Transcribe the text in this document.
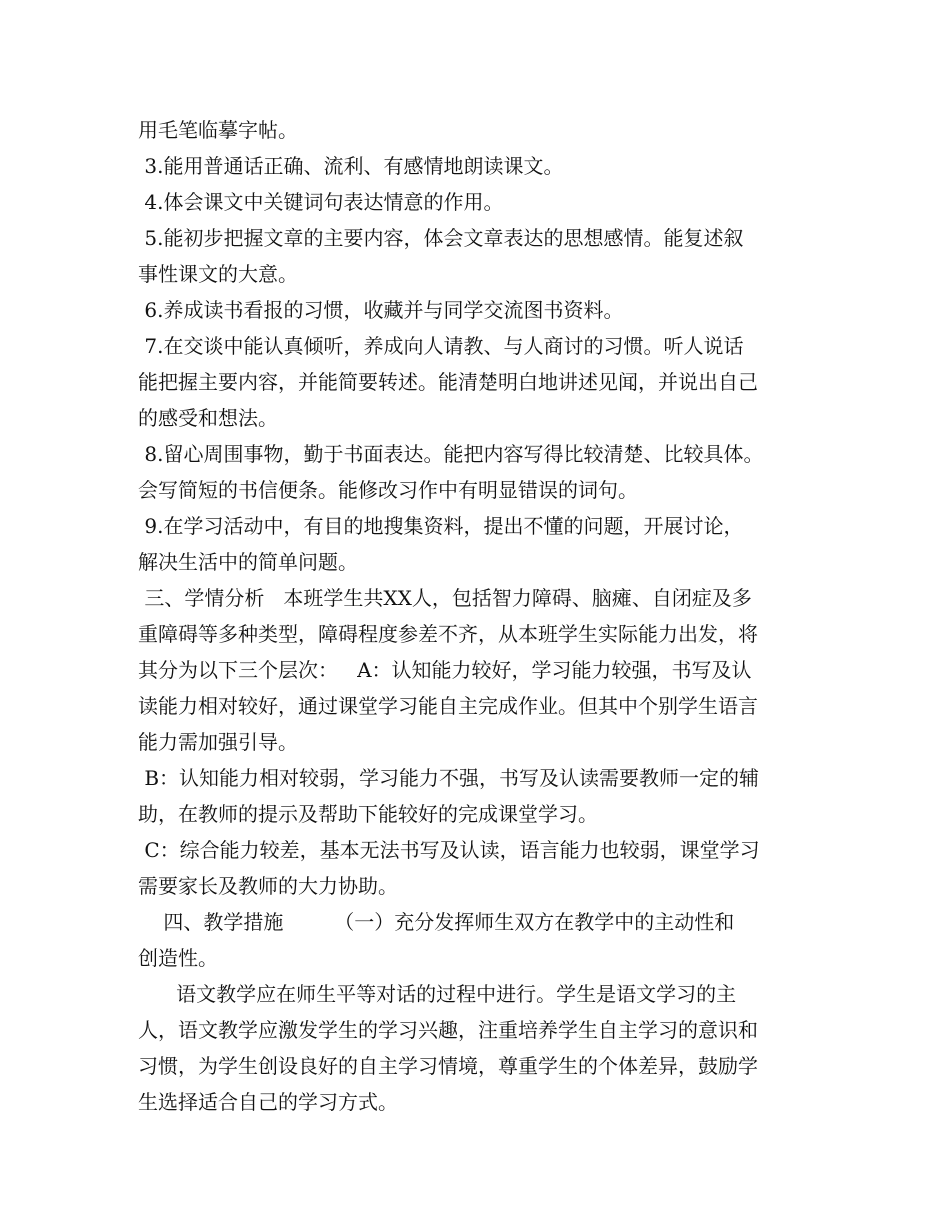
用毛笔临摹字帖。
3.能用普通话正确、流利、有感情地朗读课文。
4.体会课文中关键词句表达情意的作用。
5.能初步把握文章的主要内容，体会文章表达的思想感情。能复述叙
事性课文的大意。
6.养成读书看报的习惯，收藏并与同学交流图书资料。
7.在交谈中能认真倾听，养成向人请教、与人商讨的习惯。听人说话
能把握主要内容，并能简要转述。能清楚明白地讲述见闻，并说出自己
的感受和想法。
8.留心周围事物，勤于书面表达。能把内容写得比较清楚、比较具体。
会写简短的书信便条。能修改习作中有明显错误的词句。
9.在学习活动中，有目的地搜集资料，提出不懂的问题，开展讨论，
解决生活中的简单问题。
三、学情分析   本班学生共XX人，包括智力障碍、脑瘫、自闭症及多
重障碍等多种类型，障碍程度参差不齐，从本班学生实际能力出发，将
其分为以下三个层次：   A：认知能力较好，学习能力较强，书写及认
读能力相对较好，通过课堂学习能自主完成作业。但其中个别学生语言
能力需加强引导。
B：认知能力相对较弱，学习能力不强，书写及认读需要教师一定的辅
助，在教师的提示及帮助下能较好的完成课堂学习。
C：综合能力较差，基本无法书写及认读，语言能力也较弱，课堂学习
需要家长及教师的大力协助。
四、教学措施        （一）充分发挥师生双方在教学中的主动性和
创造性。
语文教学应在师生平等对话的过程中进行。学生是语文学习的主
人，语文教学应激发学生的学习兴趣，注重培养学生自主学习的意识和
习惯，为学生创设良好的自主学习情境，尊重学生的个体差异，鼓励学
生选择适合自己的学习方式。
